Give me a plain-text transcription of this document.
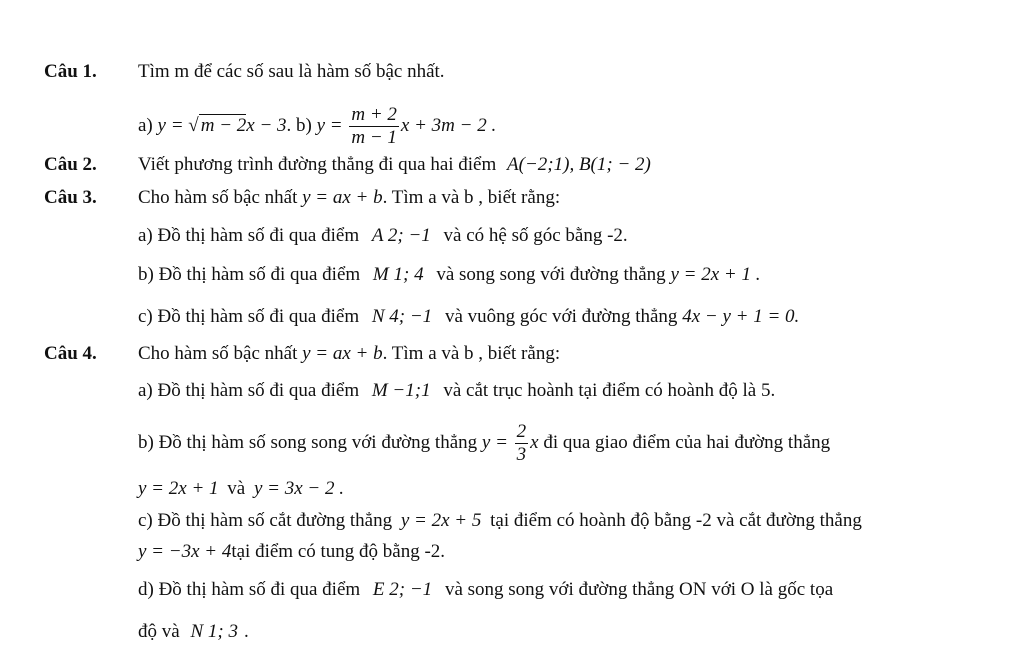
Câu 1. Tìm m để các số sau là hàm số bậc nhất.
a) y = √ m − 2x − 3. b) $y = \frac{m + 2}{m - 1}$ x + 3m − 2 .
Câu 2. Viết phương trình đường thẳng đi qua hai điểm A(−2;1), B(1; − 2)
Câu 3. Cho hàm số bậc nhất y = ax + b. Tìm a và b , biết rằng:
a) Đồ thị hàm số đi qua điểm A 2; −1 và có hệ số góc bằng -2.
b) Đồ thị hàm số đi qua điểm M 1; 4 và song song với đường thẳng y = 2x + 1 .
c) Đồ thị hàm số đi qua điểm N 4; −1 và vuông góc với đường thẳng 4x − y + 1 = 0.
Câu 4. Cho hàm số bậc nhất y = ax + b. Tìm a và b , biết rằng:
a) Đồ thị hàm số đi qua điểm M −1;1 và cắt trục hoành tại điểm có hoành độ là 5.
b) Đồ thị hàm số song song với đường thẳng $y = \frac{2}{3}$ x đi qua giao điểm của hai đường thẳng
y = 2x + 1 và y = 3x − 2 .
c) Đồ thị hàm số cắt đường thẳng y = 2x + 5 tại điểm có hoành độ bằng -2 và cắt đường thẳng
y = −3x + 4tại điểm có tung độ bằng -2.
d) Đồ thị hàm số đi qua điểm E 2; −1 và song song với đường thẳng ON với O là gốc tọa
độ và N 1; 3 .
